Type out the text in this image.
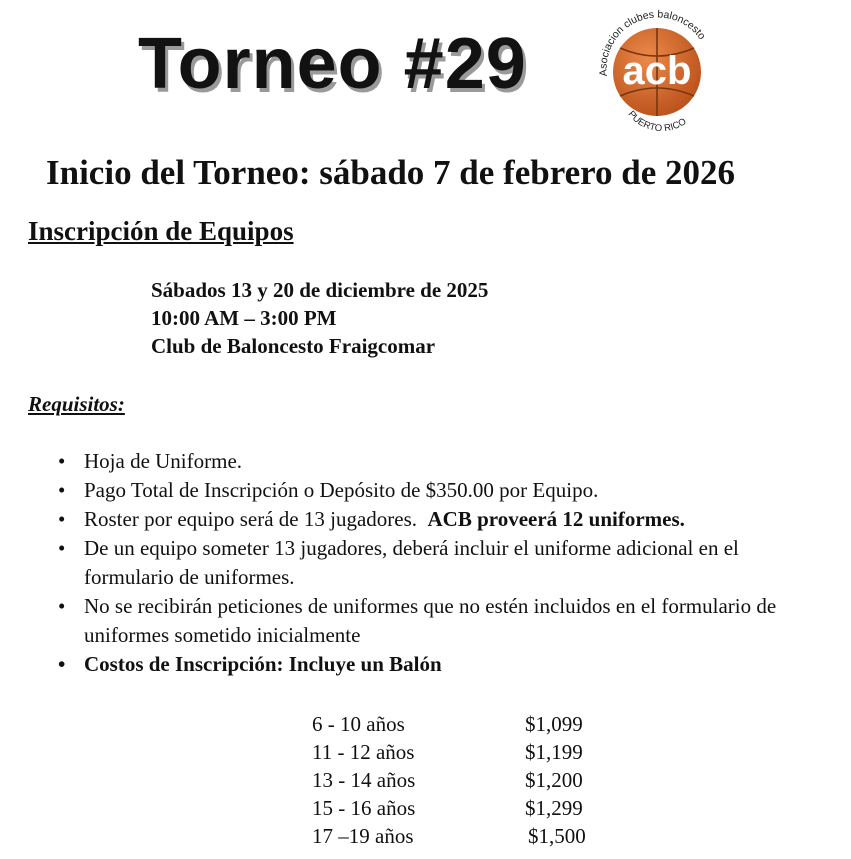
Torneo #29 acb
Asociacion clubes baloncesto
PUERTO RICO
Inicio del Torneo: sábado 7 de febrero de 2026
Inscripción de Equipos
Sábados 13 y 20 de diciembre de 2025
10:00 AM – 3:00 PM
Club de Baloncesto Fraigcomar
Requisitos:
• Hoja de Uniforme.
• Pago Total de Inscripción o Depósito de $350.00 por Equipo.
• Roster por equipo será de 13 jugadores. ACB proveerá 12 uniformes.
• De un equipo someter 13 jugadores, deberá incluir el uniforme adicional en el formulario de uniformes.
• No se recibirán peticiones de uniformes que no estén incluidos en el formulario de uniformes sometido inicialmente
• Costos de Inscripción: Incluye un Balón
6 - 10 años	$1,099
11 - 12 años	$1,199
13 - 14 años	$1,200
15 - 16 años	$1,299
17 –19 años	$1,500
